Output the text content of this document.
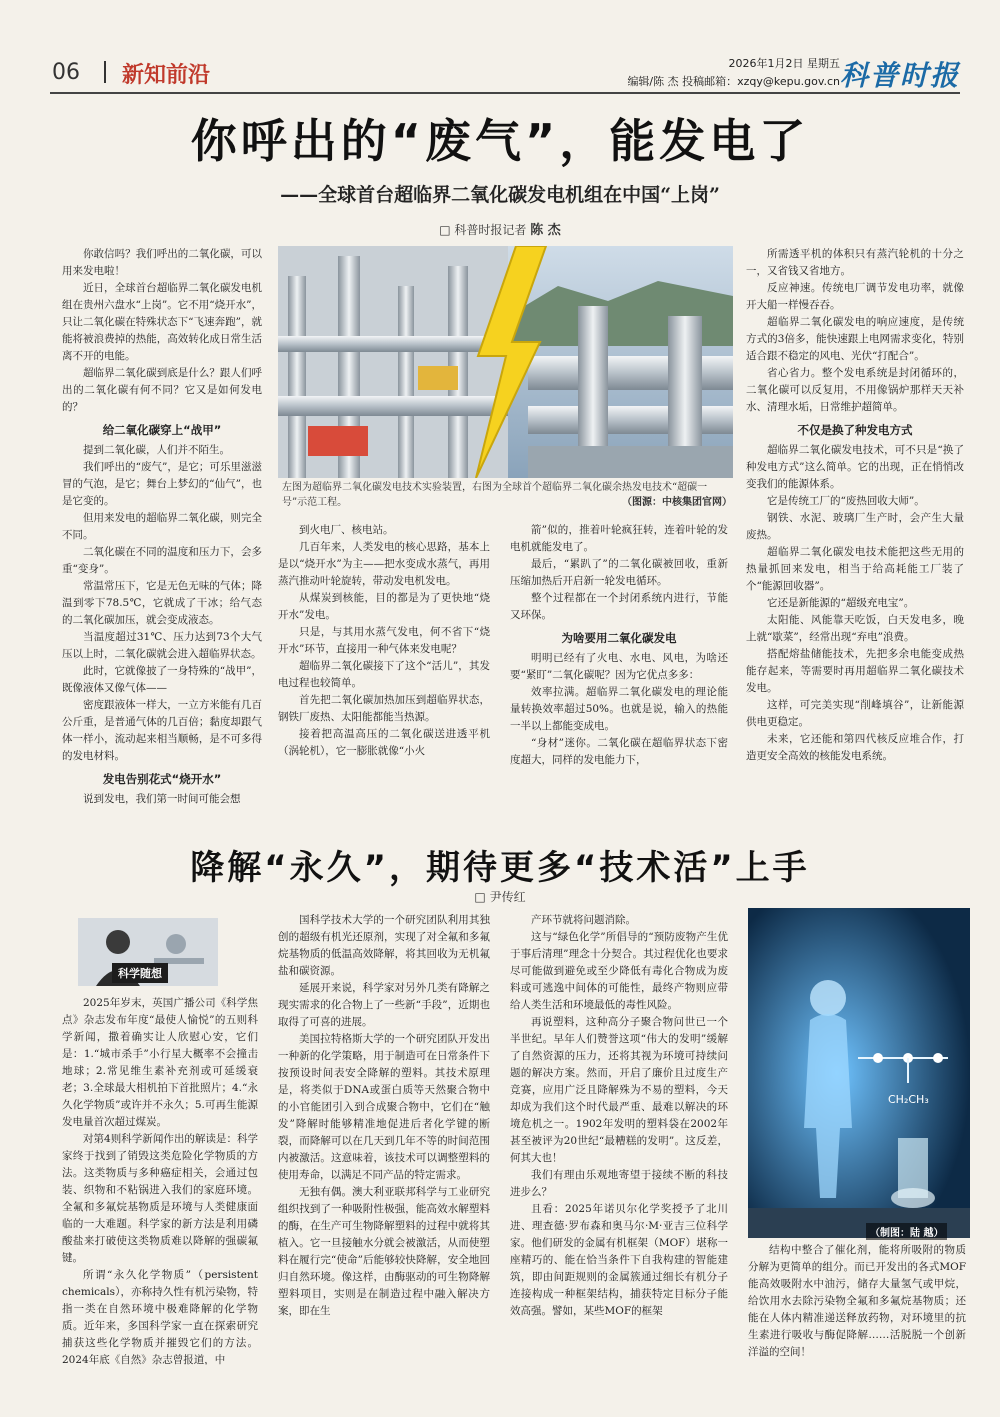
06 新知前沿	2026年1月2日 星期五
编辑/陈 杰 投稿邮箱：xzqy@kepu.gov.cn 科普时报
你呼出的“废气”，能发电了
——全球首台超临界二氧化碳发电机组在中国“上岗”
□ 科普时报记者 陈 杰

你敢信吗？我们呼出的二氧化碳，可以用来发电啦！

近日，全球首台超临界二氧化碳发电机组在贵州六盘水“上岗”。它不用“烧开水”，只让二氧化碳在特殊状态下“飞速奔跑”，就能将被浪费掉的热能，高效转化成日常生活离不开的电能。

超临界二氧化碳到底是什么？跟人们呼出的二氧化碳有何不同？它又是如何发电的？

给二氧化碳穿上“战甲”

提到二氧化碳，人们并不陌生。

我们呼出的“废气”，是它；可乐里滋滋冒的气泡，是它；舞台上梦幻的“仙气”，也是它变的。

但用来发电的超临界二氧化碳，则完全不同。

二氧化碳在不同的温度和压力下，会多重“变身”。

常温常压下，它是无色无味的气体；降温到零下78.5℃，它就成了干冰；给气态的二氧化碳加压，就会变成液态。

当温度超过31℃、压力达到73个大气压以上时，二氧化碳就会进入超临界状态。

此时，它就像披了一身特殊的“战甲”，既像液体又像气体——

密度跟液体一样大，一立方米能有几百公斤重，是普通气体的几百倍；黏度却跟气体一样小，流动起来相当顺畅，是不可多得的发电材料。

发电告别花式“烧开水”

说到发电，我们第一时间可能会想

左图为超临界二氧化碳发电技术实验装置，右图为全球首个超临界二氧化碳余热发电技术“超碳一号”示范工程。	（图源：中核集团官网）

到火电厂、核电站。

几百年来，人类发电的核心思路，基本上是以“烧开水”为主——把水变成水蒸气，再用蒸汽推动叶轮旋转，带动发电机发电。

从煤炭到核能，目的都是为了更快地“烧开水”发电。

只是，与其用水蒸气发电，何不省下“烧开水”环节，直接用一种气体来发电呢？

超临界二氧化碳接下了这个“活儿”，其发电过程也较简单。

首先把二氧化碳加热加压到超临界状态，钢铁厂废热、太阳能都能当热源。

接着把高温高压的二氧化碳送进透平机（涡轮机），它一膨胀就像“小火

箭”似的，推着叶轮疯狂转，连着叶轮的发电机就能发电了。

最后，“累趴了”的二氧化碳被回收，重新压缩加热后开启新一轮发电循环。

整个过程都在一个封闭系统内进行，节能又环保。

为啥要用二氧化碳发电

明明已经有了火电、水电、风电，为啥还要“紧盯”二氧化碳呢？因为它优点多多：

效率拉满。超临界二氧化碳发电的理论能量转换效率超过50%。也就是说，输入的热能一半以上都能变成电。

“身材”迷你。二氧化碳在超临界状态下密度超大，同样的发电能力下，

所需透平机的体积只有蒸汽轮机的十分之一，又省钱又省地方。

反应神速。传统电厂调节发电功率，就像开大船一样慢吞吞。

超临界二氧化碳发电的响应速度，是传统方式的3倍多，能快速跟上电网需求变化，特别适合跟不稳定的风电、光伏“打配合”。

省心省力。整个发电系统是封闭循环的，二氧化碳可以反复用，不用像锅炉那样天天补水、清理水垢，日常维护超简单。

不仅是换了种发电方式

超临界二氧化碳发电技术，可不只是“换了种发电方式”这么简单。它的出现，正在悄悄改变我们的能源体系。

它是传统工厂的“废热回收大师”。

钢铁、水泥、玻璃厂生产时，会产生大量废热。

超临界二氧化碳发电技术能把这些无用的热量抓回来发电，相当于给高耗能工厂装了个“能源回收器”。

它还是新能源的“超级充电宝”。

太阳能、风能靠天吃饭，白天发电多，晚上就“歇菜”，经常出现“弃电”浪费。

搭配熔盐储能技术，先把多余电能变成热能存起来，等需要时再用超临界二氧化碳技术发电。

这样，可完美实现“削峰填谷”，让新能源供电更稳定。

未来，它还能和第四代核反应堆合作，打造更安全高效的核能发电系统。

降解“永久”，期待更多“技术活”上手
□ 尹传红
科学随想

2025年岁末，英国广播公司《科学焦点》杂志发布年度“最使人愉悦”的五则科学新闻，撒着确实让人欣慰心安，它们是：1.“城市杀手”小行星大概率不会撞击地球；2.常见维生素补充剂或可延缓衰老；3.全球最大相机拍下首批照片；4.“永久化学物质”或许并不永久；5.可再生能源发电量首次超过煤炭。

对第4则科学新闻作出的解读是：科学家终于找到了销毁这类危险化学物质的方法。这类物质与多种癌症相关，会通过包装、织物和不粘锅进入我们的家庭环境。全氟和多氟烷基物质是环境与人类健康面临的一大难题。科学家的新方法是利用磷酸盐来打破使这类物质难以降解的强碳氟键。

所谓“永久化学物质”（persistent chemicals），亦称持久性有机污染物，特指一类在自然环境中极难降解的化学物质。近年来，多国科学家一直在探索研究捕获这些化学物质并摧毁它们的方法。2024年底《自然》杂志曾报道，中

国科学技术大学的一个研究团队利用其独创的超级有机光还原剂，实现了对全氟和多氟烷基物质的低温高效降解，将其回收为无机氟盐和碳资源。

延展开来说，科学家对另外几类有降解之现实需求的化合物上了一些新“手段”，近期也取得了可喜的进展。

美国拉特格斯大学的一个研究团队开发出一种新的化学策略，用于制造可在日常条件下按预设时间表安全降解的塑料。其技术原理是，将类似于DNA或蛋白质等天然聚合物中的小官能团引入到合成聚合物中，它们在“触发”降解时能够精准地促进后者化学键的断裂，而降解可以在几天到几年不等的时间范围内被激活。这意味着，该技术可以调整塑料的使用寿命，以满足不同产品的特定需求。

无独有偶。澳大利亚联邦科学与工业研究组织找到了一种吸附性极强，能高效水解塑料的酶，在生产可生物降解塑料的过程中就将其植入。它一旦接触水分就会被激活，从而使塑料在履行完“使命”后能够较快降解，安全地回归自然环境。像这样，由酶驱动的可生物降解塑料项目，实则是在制造过程中融入解决方案，即在生

产环节就将问题消除。

这与“绿色化学”所倡导的“预防废物产生优于事后清理”理念十分契合。其过程优化也要求尽可能做到避免或至少降低有毒化合物成为废料或可逃逸中间体的可能性，最终产物则应带给人类生活和环境最低的毒性风险。

再说塑料，这种高分子聚合物问世已一个半世纪。早年人们赞誉这项“伟大的发明”缓解了自然资源的压力，还将其视为环境可持续问题的解决方案。然而，开启了廉价且过度生产竞赛，应用广泛且降解殊为不易的塑料，今天却成为我们这个时代最严重、最难以解决的环境危机之一。1902年发明的塑料袋在2002年甚至被评为20世纪“最糟糕的发明”。这反差，何其大也！

我们有理由乐观地寄望于接续不断的科技进步么？

且看：2025年诺贝尔化学奖授予了北川进、理查德·罗布森和奥马尔·M·亚吉三位科学家。他们研发的金属有机框架（MOF）堪称一座精巧的、能在恰当条件下自我构建的智能建筑，即由间距规则的金属簇通过细长有机分子连接构成一种框架结构，捕获特定目标分子能效高强。譬如，某些MOF的框架

CH₂CH₃
（制图：陆 越）

结构中整合了催化剂，能将所吸附的物质分解为更简单的组分。而已开发出的各式MOF能高效吸附水中油污，储存大量氢气或甲烷，给饮用水去除污染物全氟和多氟烷基物质；还能在人体内精准递送释放药物，对环境里的抗生素进行吸收与酶促降解……活脱脱一个创新洋溢的空间！
